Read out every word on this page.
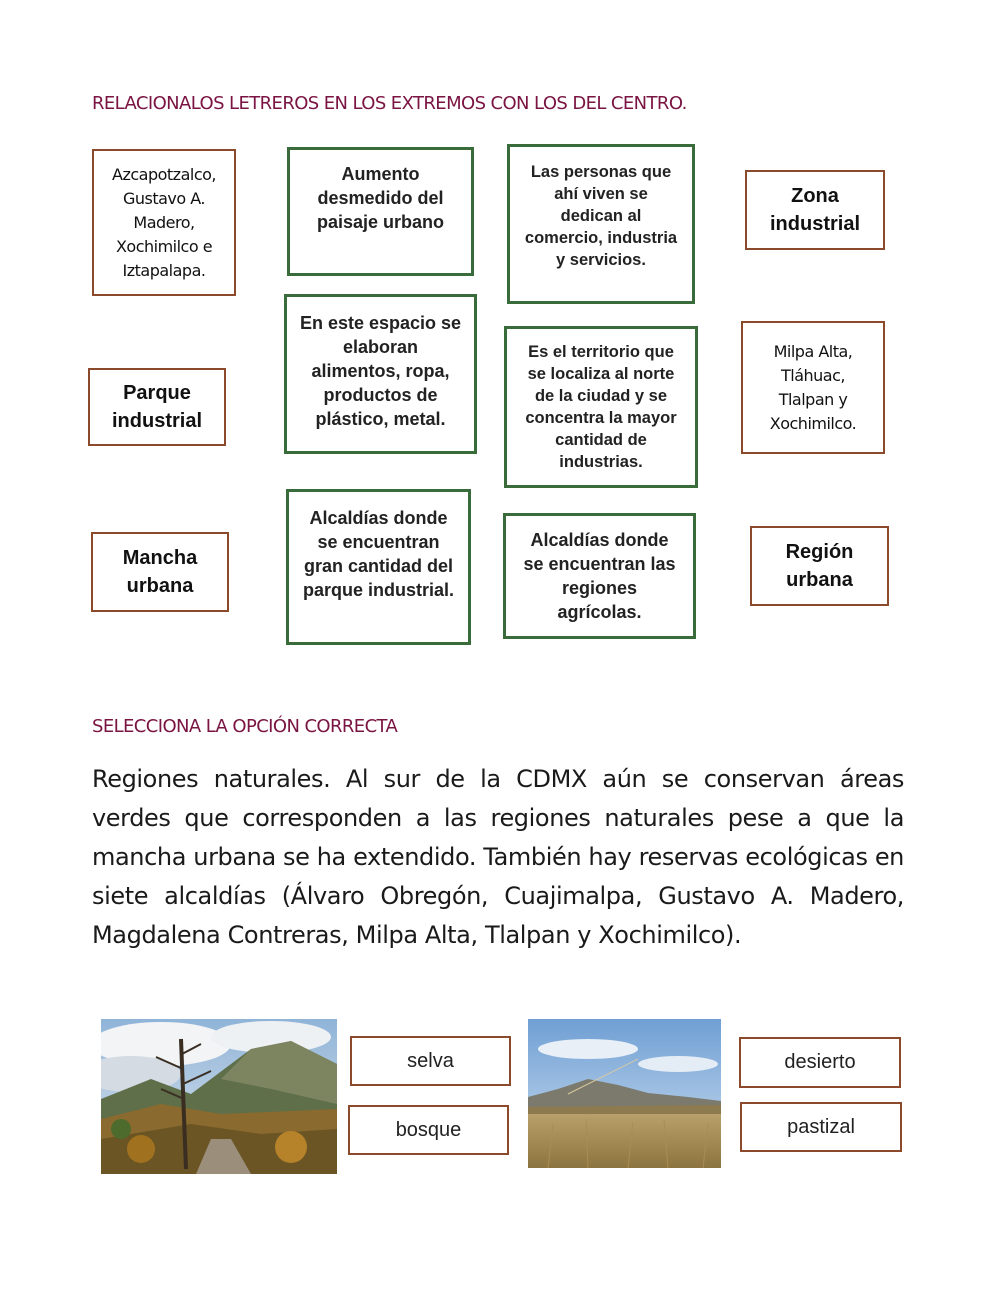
RELACIONALOS LETREROS EN LOS EXTREMOS CON LOS DEL CENTRO.
Azcapotzalco, Gustavo A. Madero, Xochimilco e Iztapalapa.
Parque industrial
Mancha urbana
Aumento desmedido del paisaje urbano
En este espacio se elaboran alimentos, ropa, productos de plástico, metal.
Alcaldías donde se encuentran gran cantidad del parque industrial.
Las personas que ahí viven se dedican al comercio, industria y servicios.
Es el territorio que se localiza al norte de la ciudad y se concentra la mayor cantidad de industrias.
Alcaldías donde se encuentran las regiones agrícolas.
Zona industrial
Milpa Alta, Tláhuac, Tlalpan y Xochimilco.
Región urbana
SELECCIONA LA OPCIÓN CORRECTA

Regiones naturales. Al sur de la CDMX aún se conservan áreas verdes que corresponden a las regiones naturales pese a que la mancha urbana se ha extendido. También hay reservas ecológicas en siete alcaldías (Álvaro Obregón, Cuajimalpa, Gustavo A. Madero, Magdalena Contreras, Milpa Alta, Tlalpan y Xochimilco).

selva
bosque
desierto
pastizal
